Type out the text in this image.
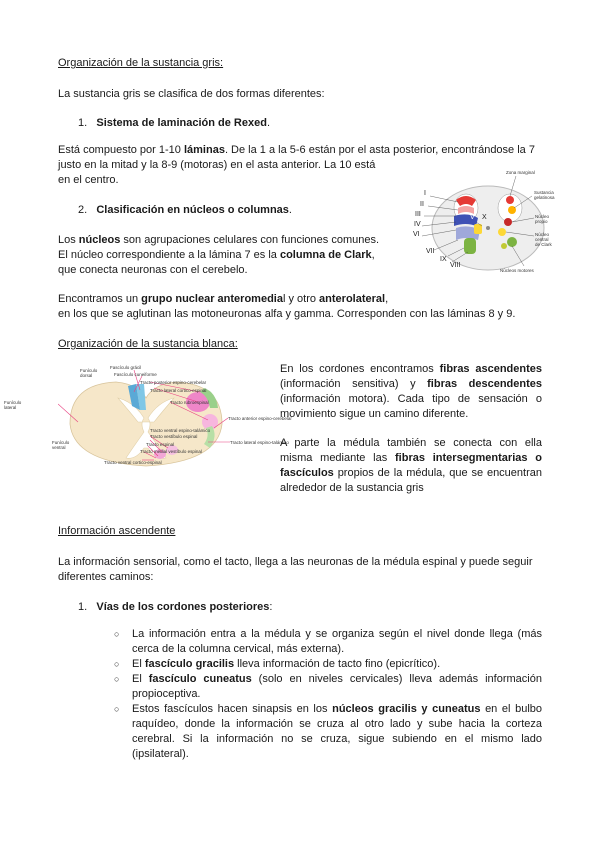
Organización de la sustancia gris:
La sustancia gris se clasifica de dos formas diferentes:
1. Sistema de laminación de Rexed.
Está compuesto por 1-10 láminas. De la 1 a la 5-6 están por el asta posterior, encontrándose la 7
justo en la mitad y la 8-9 (motoras) en el asta anterior. La 10 está
en el centro.
2. Clasificación en núcleos o columnas.
Los núcleos son agrupaciones celulares con funciones comunes.
El núcleo correspondiente a la lámina 7 es la columna de Clark,
que conecta neuronas con el cerebelo.
Encontramos un grupo nuclear anteromedial y otro anterolateral,
en los que se aglutinan las motoneuronas alfa y gamma. Corresponden con las láminas 8 y 9.
I
II
III
IV
VI
VII
IX
VIII
X
V
Zona marginal
Sustancia gelatinosa
Núcleo propio
Núcleo central de Clark
Núcleos motores
Organización de la sustancia blanca:
Funículo dorsal
Funículo lateral
Funículo ventral
Fascículo grácil
Fascículo cuneiforme
Tracto posterior espino-cerebelar
Tracto lateral cortico-espinal
Tracto rubroespinal
Tracto anterior espino-cerebelar
Tracto lateral espino-talámico
Tracto ventral espino-talámico
Tracto vestíbulo espinal
Tracto espinal
Tracto medial vestíbulo espinal
Tracto ventral cortico-espinal
En los cordones encontramos fibras ascendentes
(información sensitiva) y fibras descendentes
(información motora). Cada tipo de sensación o
movimiento sigue un camino diferente.
A parte la médula también se conecta con ella
misma mediante las fibras intersegmentarias o
fascículos propios de la médula, que se encuentran
alrededor de la sustancia gris
Información ascendente
La información sensorial, como el tacto, llega a las neuronas de la médula espinal y puede seguir
diferentes caminos:
1. Vías de los cordones posteriores:
○ La información entra a la médula y se organiza según el nivel donde llega (más cerca de la columna cervical, más externa).
○ El fascículo gracilis lleva información de tacto fino (epicrítico).
○ El fascículo cuneatus (solo en niveles cervicales) lleva además información propioceptiva.
○ Estos fascículos hacen sinapsis en los núcleos gracilis y cuneatus en el bulbo raquídeo, donde la información se cruza al otro lado y sube hacia la corteza cerebral. Si la información no se cruza, sigue subiendo en el mismo lado (ipsilateral).
